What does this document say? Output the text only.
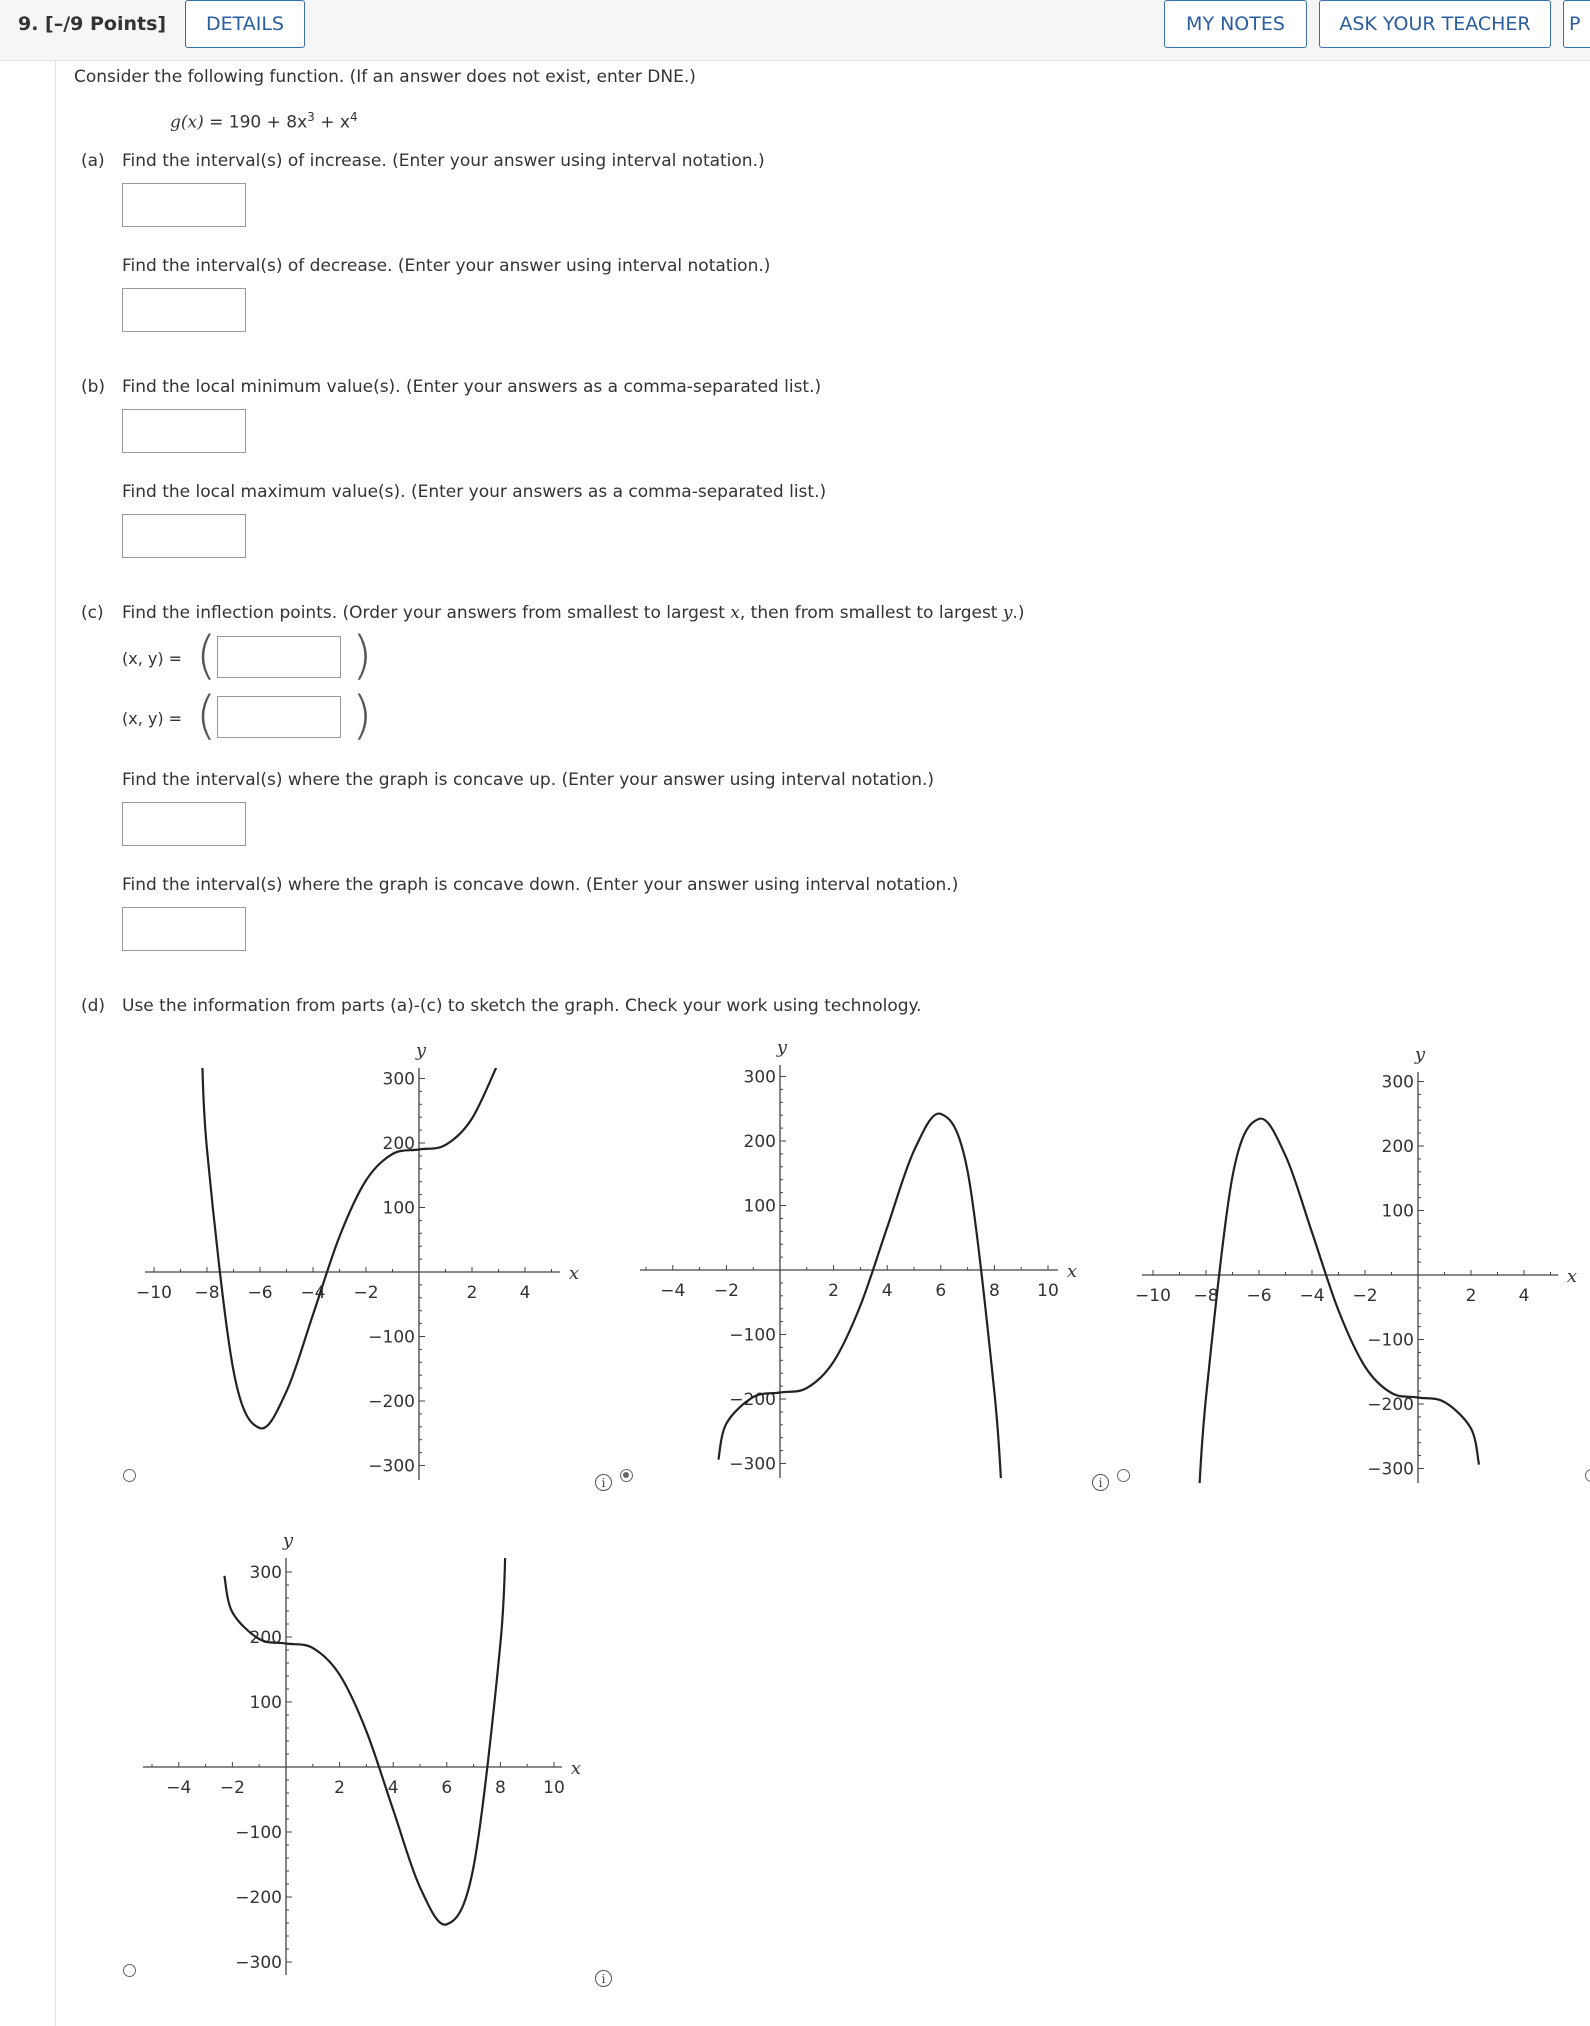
9. [–/9 Points]	DETAILS	MY NOTES	ASK YOUR TEACHER	P
Consider the following function. (If an answer does not exist, enter DNE.)
$g(x) = 190 + 8x^3 + x^4$
(a) Find the interval(s) of increase. (Enter your answer using interval notation.)
Find the interval(s) of decrease. (Enter your answer using interval notation.)
(b) Find the local minimum value(s). (Enter your answers as a comma-separated list.)
Find the local maximum value(s). (Enter your answers as a comma-separated list.)
(c) Find the inflection points. (Order your answers from smallest to largest x, then from smallest to largest y.)
(x, y) = (	)
(x, y) = (	)
Find the interval(s) where the graph is concave up. (Enter your answer using interval notation.)
Find the interval(s) where the graph is concave down. (Enter your answer using interval notation.)
(d) Use the information from parts (a)-(c) to sketch the graph. Check your work using technology.
−10 −8 −6 −4 −2	2 4
−300
−200
−100
100
200
300
x
y
−4 −2	2	4	6	8 10
−300
−200
−100
100
200
300
x
y
−10 −8 −6 −4 −2	2 4
−300
−200
−100
100
200
300
x
y
−4 −2	2	4	6	8 10
−300
−200
−100
100
200
300
x
y
i	i
i
